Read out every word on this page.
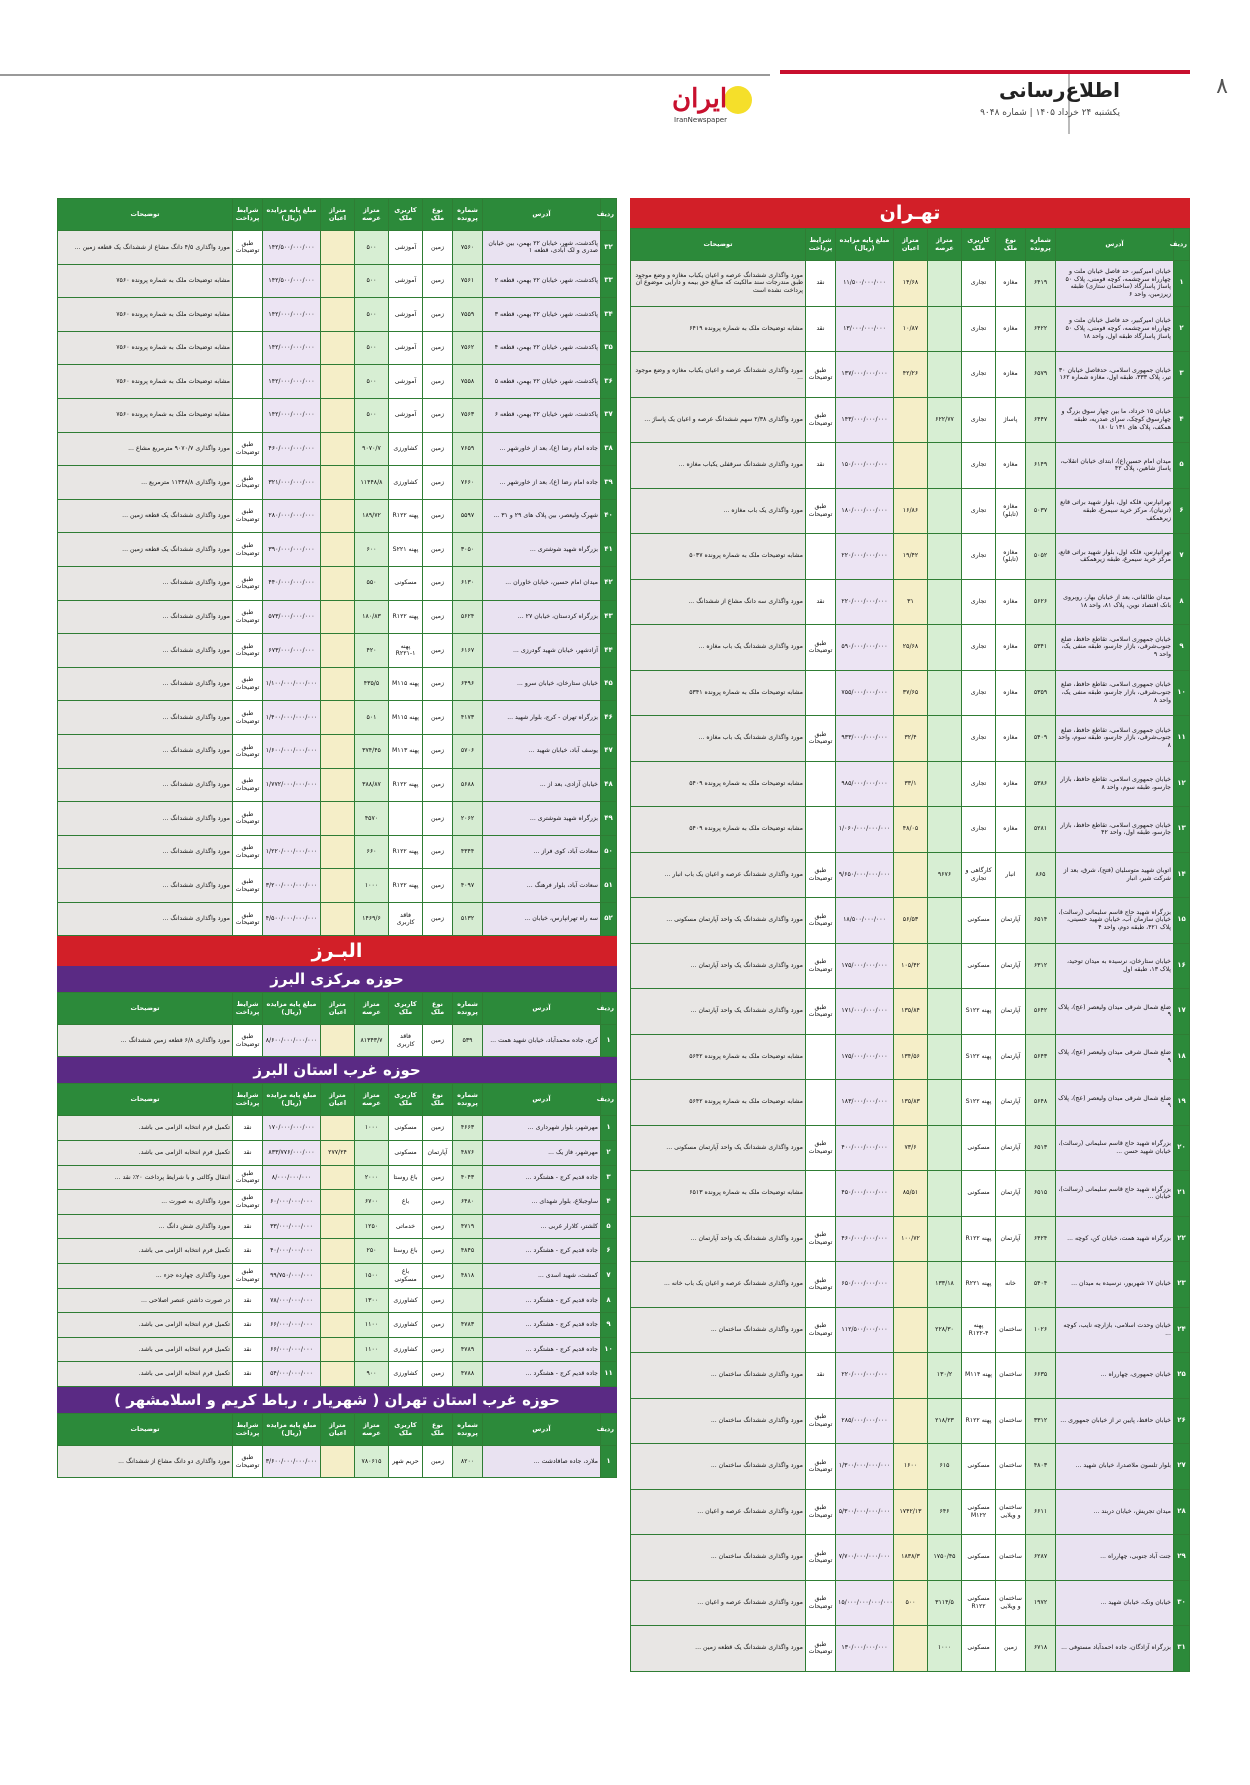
۸
اطلاع‌رسانی
یکشنبه ۲۴ خرداد ۱۴۰۵ | شماره ۹۰۴۸
ایران
IranNewspaper
تهـران
ردیف	آدرس	شماره پرونده	نوع ملک	کاربری ملک	متراژ عرصه	متراژ اعیان	مبلغ پایه مزایده (ریال)	شرایط پرداخت	توضیحات
۱	خیابان امیرکبیر، حد فاصل خیابان ملت و چهارراه سرچشمه، کوچه فومنی، پلاک ۵۰ پاساژ پاسارگاد (ساختمان ستاری) طبقه زیرزمین، واحد ۶	۶۴۱۹	مغازه	تجاری		۱۴/۶۸	۱۱/۵۰۰/۰۰۰/۰۰۰	نقد	مورد واگذاری ششدانگ عرصه و اعیان یکباب مغازه و وضع موجود طبق مندرجات سند مالکیت که مبالغ حق بیمه و دارایی موضوع آن پرداخت نشده است
۲	خیابان امیرکبیر، حد فاصل خیابان ملت و چهارراه سرچشمه، کوچه فومنی، پلاک ۵۰ پاساژ پاسارگاد طبقه اول، واحد ۱۸	۶۴۲۲	مغازه	تجاری		۱۰/۸۷	۱۳/۰۰۰/۰۰۰/۰۰۰	نقد	مشابه توضیحات ملک به شماره پرونده ۶۴۱۹
۳	خیابان جمهوری اسلامی، حدفاصل خیابان ۳۰ تیر، پلاک ۳۳۳، طبقه اول، مغازه شماره ۱۶۲	۶۵۷۹	مغازه	تجاری		۴۲/۲۶	۱۳۷/۰۰۰/۰۰۰/۰۰۰	طبق توضیحات	مورد واگذاری ششدانگ عرصه و اعیان یکباب مغازه و وضع موجود ...
۴	خیابان ۱۵ خرداد، ما بین چهار سوق بزرگ و چهارسوق کوچک، سرای صدریه، طبقه همکف، پلاک های ۱۳۱ تا ۱۸۰	۶۴۴۷	پاساژ	تجاری	۶۲۲/۷۷		۱۴۳/۰۰۰/۰۰۰/۰۰۰	طبق توضیحات	مورد واگذاری ۲/۳۸ سهم ششدانگ عرصه و اعیان یک پاساژ ...
۵	میدان امام حسین(ع)، ابتدای خیابان انقلاب، پاساژ شاهین، پلاک ۴۲	۶۱۴۹	مغازه	تجاری			۱۵۰/۰۰۰/۰۰۰/۰۰۰	نقد	مورد واگذاری ششدانگ سرقفلی یکباب مغازه ...
۶	تهرانپارس، فلکه اول، بلوار شهید براتی قانع (ترنیان)، مرکز خرید سیمرغ، طبقه زیرهمکف	۵۰۳۷	مغازه (تابلو)	تجاری		۱۶/۸۶	۱۸۰/۰۰۰/۰۰۰/۰۰۰	طبق توضیحات	مورد واگذاری یک باب مغازه ...
۷	تهرانپارس، فلکه اول، بلوار شهید براتی قانع، مرکز خرید سیمرغ، طبقه زیرهمکف	۵۰۵۲	مغازه (تابلو)	تجاری		۱۹/۴۲	۲۲۰/۰۰۰/۰۰۰/۰۰۰		مشابه توضیحات ملک به شماره پرونده ۵۰۳۷
۸	میدان طالقانی، بعد از خیابان بهار، روبروی بانک اقتصاد نوین، پلاک ۸۱، واحد ۱۸	۵۶۲۶	مغازه	تجاری		۳۱	۲۲۰/۰۰۰/۰۰۰/۰۰۰	نقد	مورد واگذاری سه دانگ مشاع از ششدانگ ...
۹	خیابان جمهوری اسلامی، تقاطع حافظ، ضلع جنوب‌شرقی، بازار جارسو، طبقه منفی یک، واحد ۹	۵۳۴۱	مغازه	تجاری		۲۵/۶۸	۵۹۰/۰۰۰/۰۰۰/۰۰۰	طبق توضیحات	مورد واگذاری ششدانگ یک باب مغازه ...
۱۰	خیابان جمهوری اسلامی، تقاطع حافظ، ضلع جنوب‌شرقی، بازار جارسو، طبقه منفی یک، واحد ۸	۵۳۵۹	مغازه	تجاری		۳۷/۶۵	۷۵۵/۰۰۰/۰۰۰/۰۰۰		مشابه توضیحات ملک به شماره پرونده ۵۳۴۱
۱۱	خیابان جمهوری اسلامی، تقاطع حافظ، ضلع جنوب‌شرقی، بازار جارسو، طبقه سوم، واحد ۸	۵۴۰۹	مغازه	تجاری		۳۲/۴	۹۳۳/۰۰۰/۰۰۰/۰۰۰	طبق توضیحات	مورد واگذاری ششدانگ یک باب مغازه ...
۱۲	خیابان جمهوری اسلامی، تقاطع حافظ، بازار جارسو، طبقه سوم، واحد ۸	۵۳۸۶	مغازه	تجاری		۳۳/۱	۹۸۵/۰۰۰/۰۰۰/۰۰۰		مشابه توضیحات ملک به شماره پرونده ۵۴۰۹
۱۳	خیابان جمهوری اسلامی، تقاطع حافظ، بازار جارسو، طبقه اول، واحد ۴۲	۵۲۸۱	مغازه	تجاری		۴۸/۰۵	۱/۰۶۰/۰۰۰/۰۰۰/۰۰۰		مشابه توضیحات ملک به شماره پرونده ۵۴۰۹
۱۴	اتوبان شهید متوسلیان (فتح)، شرق، بعد از شرکت شیر، انبار	۸۶۵	انبار	کارگاهی و تجاری	۹۶۷۶		۹/۶۵۰/۰۰۰/۰۰۰/۰۰۰	طبق توضیحات	مورد واگذاری ششدانگ عرصه و اعیان یک باب انبار ...
۱۵	بزرگراه شهید حاج قاسم سلیمانی (رسالت)، خیابان سازمان آب، خیابان شهید حسینی، پلاک ۴۲۱، طبقه دوم، واحد ۴	۶۵۱۴	آپارتمان	مسکونی		۵۶/۵۳	۱۸/۵۰۰/۰۰۰/۰۰۰	طبق توضیحات	مورد واگذاری ششدانگ یک واحد آپارتمان مسکونی ...
۱۶	خیابان ستارخان، نرسیده به میدان توحید، پلاک ۱۳، طبقه اول	۶۳۱۲	آپارتمان	مسکونی		۱۰۵/۴۲	۱۷۵/۰۰۰/۰۰۰/۰۰۰	طبق توضیحات	مورد واگذاری ششدانگ یک واحد آپارتمان ...
۱۷	ضلع شمال شرقی میدان ولیعصر (عج)، پلاک ۹	۵۶۴۲	آپارتمان	پهنه S۱۲۲		۱۳۵/۸۴	۱۷۱/۰۰۰/۰۰۰/۰۰۰	طبق توضیحات	مورد واگذاری ششدانگ یک واحد آپارتمان ...
۱۸	ضلع شمال شرقی میدان ولیعصر (عج)، پلاک ۹	۵۶۴۳	آپارتمان	پهنه S۱۲۲		۱۳۴/۵۶	۱۷۵/۰۰۰/۰۰۰/۰۰۰		مشابه توضیحات ملک به شماره پرونده ۵۶۴۲
۱۹	ضلع شمال شرقی میدان ولیعصر (عج)، پلاک ۹	۵۶۴۸	آپارتمان	پهنه S۱۲۲		۱۳۵/۸۳	۱۸۳/۰۰۰/۰۰۰/۰۰۰		مشابه توضیحات ملک به شماره پرونده ۵۶۴۲
۲۰	بزرگراه شهید حاج قاسم سلیمانی (رسالت)، خیابان شهید حسن ...	۶۵۱۳	آپارتمان	مسکونی		۷۳/۶	۴۰۰/۰۰۰/۰۰۰/۰۰۰	طبق توضیحات	مورد واگذاری ششدانگ یک واحد آپارتمان مسکونی ...
۲۱	بزرگراه شهید حاج قاسم سلیمانی (رسالت)، خیابان ...	۶۵۱۵	آپارتمان	مسکونی		۸۵/۵۱	۴۵۰/۰۰۰/۰۰۰/۰۰۰		مشابه توضیحات ملک به شماره پرونده ۶۵۱۳
۲۲	بزرگراه شهید همت، خیابان کن، کوچه ...	۶۴۲۴	آپارتمان	پهنه R۱۲۲		۱۰۰/۷۲	۴۶۰/۰۰۰/۰۰۰/۰۰۰	طبق توضیحات	مورد واگذاری ششدانگ یک واحد آپارتمان ...
۲۳	خیابان ۱۷ شهریور، نرسیده به میدان ...	۵۴۰۴	خانه	پهنه R۲۲۱	۱۳۳/۱۸		۶۵۰/۰۰۰/۰۰۰/۰۰۰	طبق توضیحات	مورد واگذاری ششدانگ عرصه و اعیان یک باب خانه ...
۲۴	خیابان وحدت اسلامی، بازارچه نایب، کوچه ...	۱۰۲۶	ساختمان	پهنه R۱۲۲-۴	۲۲۸/۳۰		۱۱۲/۵۰۰/۰۰۰/۰۰۰	طبق توضیحات	مورد واگذاری ششدانگ ساختمان ...
۲۵	خیابان جمهوری، چهارراه ...	۶۶۳۵	ساختمان	پهنه M۱۱۴	۱۳۰/۲		۲۲۰/۰۰۰/۰۰۰/۰۰۰	نقد	مورد واگذاری ششدانگ ساختمان ...
۲۶	خیابان حافظ، پایین تر از خیابان جمهوری ...	۳۳۱۲	ساختمان	پهنه R۱۲۲	۲۱۸/۲۳		۲۸۵/۰۰۰/۰۰۰/۰۰۰	طبق توضیحات	مورد واگذاری ششدانگ ساختمان ...
۲۷	بلوار تلسون ملاصدرا، خیابان شهید ...	۴۸۰۳	ساختمان	مسکونی	۶۱۵	۱۶۰۰	۱/۳۰۰/۰۰۰/۰۰۰/۰۰۰	طبق توضیحات	مورد واگذاری ششدانگ ساختمان ...
۲۸	میدان تجریش، خیابان دربند ...	۶۶۱۱	ساختمان و ویلایی	مسکونی M۱۲۲	۶۴۶	۱۷۴۲/۱۳	۵/۳۰۰/۰۰۰/۰۰۰/۰۰۰	طبق توضیحات	مورد واگذاری ششدانگ عرصه و اعیان ...
۲۹	جنت آباد جنوبی، چهارراه ...	۶۲۸۷	ساختمان	مسکونی	۱۷۵۰/۴۵	۱۸۳۸/۳	۷/۷۰۰/۰۰۰/۰۰۰/۰۰۰	طبق توضیحات	مورد واگذاری ششدانگ ساختمان ...
۳۰	خیابان ونک، خیابان شهید ...	۱۹۷۲	ساختمان و ویلایی	مسکونی R۱۲۲	۳۱۱۴/۵	۵۰۰	۱۵/۰۰۰/۰۰۰/۰۰۰/۰۰۰	طبق توضیحات	مورد واگذاری ششدانگ عرصه و اعیان ...
۳۱	بزرگراه آزادگان، جاده احمدآباد مستوفی ...	۶۷۱۸	زمین	مسکونی	۱۰۰۰		۱۳۰/۰۰۰/۰۰۰/۰۰۰	طبق توضیحات	مورد واگذاری ششدانگ یک قطعه زمین ...
ردیف	آدرس	شماره پرونده	نوع ملک	کاربری ملک	متراژ عرصه	متراژ اعیان	مبلغ پایه مزایده (ریال)	شرایط پرداخت	توضیحات
۳۲	پاکدشت، شهر، خیابان ۲۲ بهمن، بین خیابان صدری و لک آبادی، قطعه ۱	۷۵۶۰	زمین	آموزشی	۵۰۰		۱۴۲/۵۰۰/۰۰۰/۰۰۰	طبق توضیحات	مورد واگذاری ۴/۵ دانگ مشاع از ششدانگ یک قطعه زمین ...
۳۳	پاکدشت، شهر، خیابان ۲۲ بهمن، قطعه ۲	۷۵۶۱	زمین	آموزشی	۵۰۰		۱۴۲/۵۰۰/۰۰۰/۰۰۰		مشابه توضیحات ملک به شماره پرونده ۷۵۶۰
۳۴	پاکدشت، شهر، خیابان ۲۲ بهمن، قطعه ۳	۷۵۵۹	زمین	آموزشی	۵۰۰		۱۴۲/۰۰۰/۰۰۰/۰۰۰		مشابه توضیحات ملک به شماره پرونده ۷۵۶۰
۳۵	پاکدشت، شهر، خیابان ۲۲ بهمن، قطعه ۴	۷۵۶۲	زمین	آموزشی	۵۰۰		۱۴۲/۰۰۰/۰۰۰/۰۰۰		مشابه توضیحات ملک به شماره پرونده ۷۵۶۰
۳۶	پاکدشت، شهر، خیابان ۲۲ بهمن، قطعه ۵	۷۵۵۸	زمین	آموزشی	۵۰۰		۱۴۲/۰۰۰/۰۰۰/۰۰۰		مشابه توضیحات ملک به شماره پرونده ۷۵۶۰
۳۷	پاکدشت، شهر، خیابان ۲۲ بهمن، قطعه ۶	۷۵۶۳	زمین	آموزشی	۵۰۰		۱۴۲/۰۰۰/۰۰۰/۰۰۰		مشابه توضیحات ملک به شماره پرونده ۷۵۶۰
۳۸	جاده امام رضا (ع)، بعد از خاورشهر ...	۷۶۵۹	زمین	کشاورزی	۹۰۷۰/۷		۴۶۰/۰۰۰/۰۰۰/۰۰۰	طبق توضیحات	مورد واگذاری ۹۰۷۰/۷ مترمربع مشاع ...
۳۹	جاده امام رضا (ع)، بعد از خاورشهر ...	۷۶۶۰	زمین	کشاورزی	۱۱۴۴۸/۸		۳۲۱/۰۰۰/۰۰۰/۰۰۰	طبق توضیحات	مورد واگذاری ۱۱۴۴۸/۸ مترمربع ...
۴۰	شهرک ولیعصر، بین پلاک های ۲۹ و ۳۱ ...	۵۵۹۷	زمین	پهنه R۱۲۲	۱۸۹/۷۲		۲۸۰/۰۰۰/۰۰۰/۰۰۰	طبق توضیحات	مورد واگذاری ششدانگ یک قطعه زمین ...
۴۱	بزرگراه شهید شوشتری ...	۳۰۵۰	زمین	پهنه S۲۲۱	۶۰۰		۳۹۰/۰۰۰/۰۰۰/۰۰۰	طبق توضیحات	مورد واگذاری ششدانگ یک قطعه زمین ...
۴۲	میدان امام حسین، خیابان خاوران ...	۶۱۳۰	زمین	مسکونی	۵۵۰		۴۴۰/۰۰۰/۰۰۰/۰۰۰	طبق توضیحات	مورد واگذاری ششدانگ ...
۴۳	بزرگراه کردستان، خیابان ۲۷ ...	۵۶۲۴	زمین	پهنه R۱۲۲	۱۸۰/۸۳		۵۷۳/۰۰۰/۰۰۰/۰۰۰	طبق توضیحات	مورد واگذاری ششدانگ ...
۴۴	آزادشهر، خیابان شهید گودرزی ...	۶۱۶۷	زمین	پهنه R۲۲۱-۱	۴۲۰		۶۷۳/۰۰۰/۰۰۰/۰۰۰	طبق توضیحات	مورد واگذاری ششدانگ ...
۴۵	خیابان ستارخان، خیابان سرو ...	۶۴۹۶	زمین	پهنه M۱۱۵	۴۳۵/۵		۱/۱۰۰/۰۰۰/۰۰۰/۰۰۰	طبق توضیحات	مورد واگذاری ششدانگ ...
۴۶	بزرگراه تهران - کرج، بلوار شهید ...	۴۱۷۳	زمین	پهنه M۱۱۵	۵۰۱		۱/۴۰۰/۰۰۰/۰۰۰/۰۰۰	طبق توضیحات	مورد واگذاری ششدانگ ...
۴۷	یوسف آباد، خیابان شهید ...	۵۷۰۶	زمین	پهنه M۱۱۳	۳۷۴/۴۵		۱/۶۰۰/۰۰۰/۰۰۰/۰۰۰	طبق توضیحات	مورد واگذاری ششدانگ ...
۴۸	خیابان آزادی، بعد از ...	۵۶۸۸	زمین	پهنه R۱۲۲	۳۸۸/۸۷		۱/۷۷۲/۰۰۰/۰۰۰/۰۰۰	طبق توضیحات	مورد واگذاری ششدانگ ...
۴۹	بزرگراه شهید شوشتری ...	۲۰۶۲	زمین		۴۵۷۰			طبق توضیحات	مورد واگذاری ششدانگ ...
۵۰	سعادت آباد، کوی فراز ...	۴۳۴۴	زمین	پهنه R۱۲۲	۶۶۰		۱/۲۲۰/۰۰۰/۰۰۰/۰۰۰	طبق توضیحات	مورد واگذاری ششدانگ ...
۵۱	سعادت آباد، بلوار فرهنگ ...	۴۰۹۷	زمین	پهنه R۱۲۲	۱۰۰۰		۳/۲۰۰/۰۰۰/۰۰۰/۰۰۰	طبق توضیحات	مورد واگذاری ششدانگ ...
۵۲	سه راه تهرانپارس، خیابان ...	۵۱۳۲	زمین	فاقد کاربری	۱۴۶۹/۶		۴/۵۰۰/۰۰۰/۰۰۰/۰۰۰	طبق توضیحات	مورد واگذاری ششدانگ ...
البـرز
حوزه مرکزی البرز
ردیف	آدرس	شماره پرونده	نوع ملک	کاربری ملک	متراژ عرصه	متراژ اعیان	مبلغ پایه مزایده (ریال)	شرایط پرداخت	توضیحات
۱	کرج، جاده محمدآباد، خیابان شهید همت ...	۵۳۹	زمین	فاقد کاربری	۸۱۳۴۳/۷		۸/۶۰۰/۰۰۰/۰۰۰/۰۰۰	طبق توضیحات	مورد واگذاری ۶/۸ قطعه زمین ششدانگ ...
حوزه غرب استان البرز
ردیف	آدرس	شماره پرونده	نوع ملک	کاربری ملک	متراژ عرصه	متراژ اعیان	مبلغ پایه مزایده (ریال)	شرایط پرداخت	توضیحات
۱	مهرشهر، بلوار شهرداری ...	۴۶۶۳	زمین	مسکونی	۱۰۰۰		۱۷۰/۰۰۰/۰۰۰/۰۰۰	نقد	تکمیل فرم انتخابه الزامی می باشد.
۲	مهرشهر، فاز یک ...	۴۸۷۶	آپارتمان	مسکونی		۲۷۷/۲۴	۸۳۳/۷۷۶/۰۰۰/۰۰۰	نقد	تکمیل فرم انتخابه الزامی می باشد.
۳	جاده قدیم کرج - هشتگرد ...	۴۰۴۳	زمین	باغ روستا	۲۰۰۰		۸/۰۰۰/۰۰۰/۰۰۰	طبق توضیحات	انتقال وکالتی و با شرایط پرداخت ۲۰٪ نقد ...
۴	ساوجبلاغ، بلوار شهدای ...	۶۴۸۰	زمین	باغ	۶۷۰۰		۶۰/۰۰۰/۰۰۰/۰۰۰	طبق توضیحات	مورد واگذاری به صورت ...
۵	کلشتر، کلارار غربی ...	۴۷۱۹	زمین	خدماتی	۱۲۵۰		۳۳/۰۰۰/۰۰۰/۰۰۰	نقد	مورد واگذاری شش دانگ ...
۶	جاده قدیم کرج - هشتگرد ...	۴۸۴۵	زمین	باغ روستا	۲۵۰		۴۰/۰۰۰/۰۰۰/۰۰۰	نقد	تکمیل فرم انتخابه الزامی می باشد.
۷	کمشت، شهید اسدی ...	۴۸۱۸	زمین	باغ مسکونی	۱۵۰۰		۹۹/۷۵۰/۰۰۰/۰۰۰	طبق توضیحات	مورد واگذاری چهارده جزء ...
۸	جاده قدیم کرج - هشتگرد ...		زمین	کشاورزی	۱۳۰۰		۷۸/۰۰۰/۰۰۰/۰۰۰	نقد	در صورت داشتن عنصر اصلاحی ...
۹	جاده قدیم کرج - هشتگرد ...	۴۷۸۳	زمین	کشاورزی	۱۱۰۰		۶۶/۰۰۰/۰۰۰/۰۰۰	نقد	تکمیل فرم انتخابه الزامی می باشد.
۱۰	جاده قدیم کرج - هشتگرد ...	۴۷۸۹	زمین	کشاورزی	۱۱۰۰		۶۶/۰۰۰/۰۰۰/۰۰۰	نقد	تکمیل فرم انتخابه الزامی می باشد.
۱۱	جاده قدیم کرج - هشتگرد ...	۴۷۸۸	زمین	کشاورزی	۹۰۰		۵۴/۰۰۰/۰۰۰/۰۰۰	نقد	تکمیل فرم انتخابه الزامی می باشد.
حوزه غرب استان تهران ( شهریار ، رباط کریم و اسلامشهر )
ردیف	آدرس	شماره پرونده	نوع ملک	کاربری ملک	متراژ عرصه	متراژ اعیان	مبلغ پایه مزایده (ریال)	شرایط پرداخت	توضیحات
۱	ملارد، جاده صافادشت ...	۸۲۰۰	زمین	حریم شهر	۷۸۰۶۱۵		۳/۶۰۰/۰۰۰/۰۰۰/۰۰۰	طبق توضیحات	مورد واگذاری دو دانگ مشاع از ششدانگ ...
